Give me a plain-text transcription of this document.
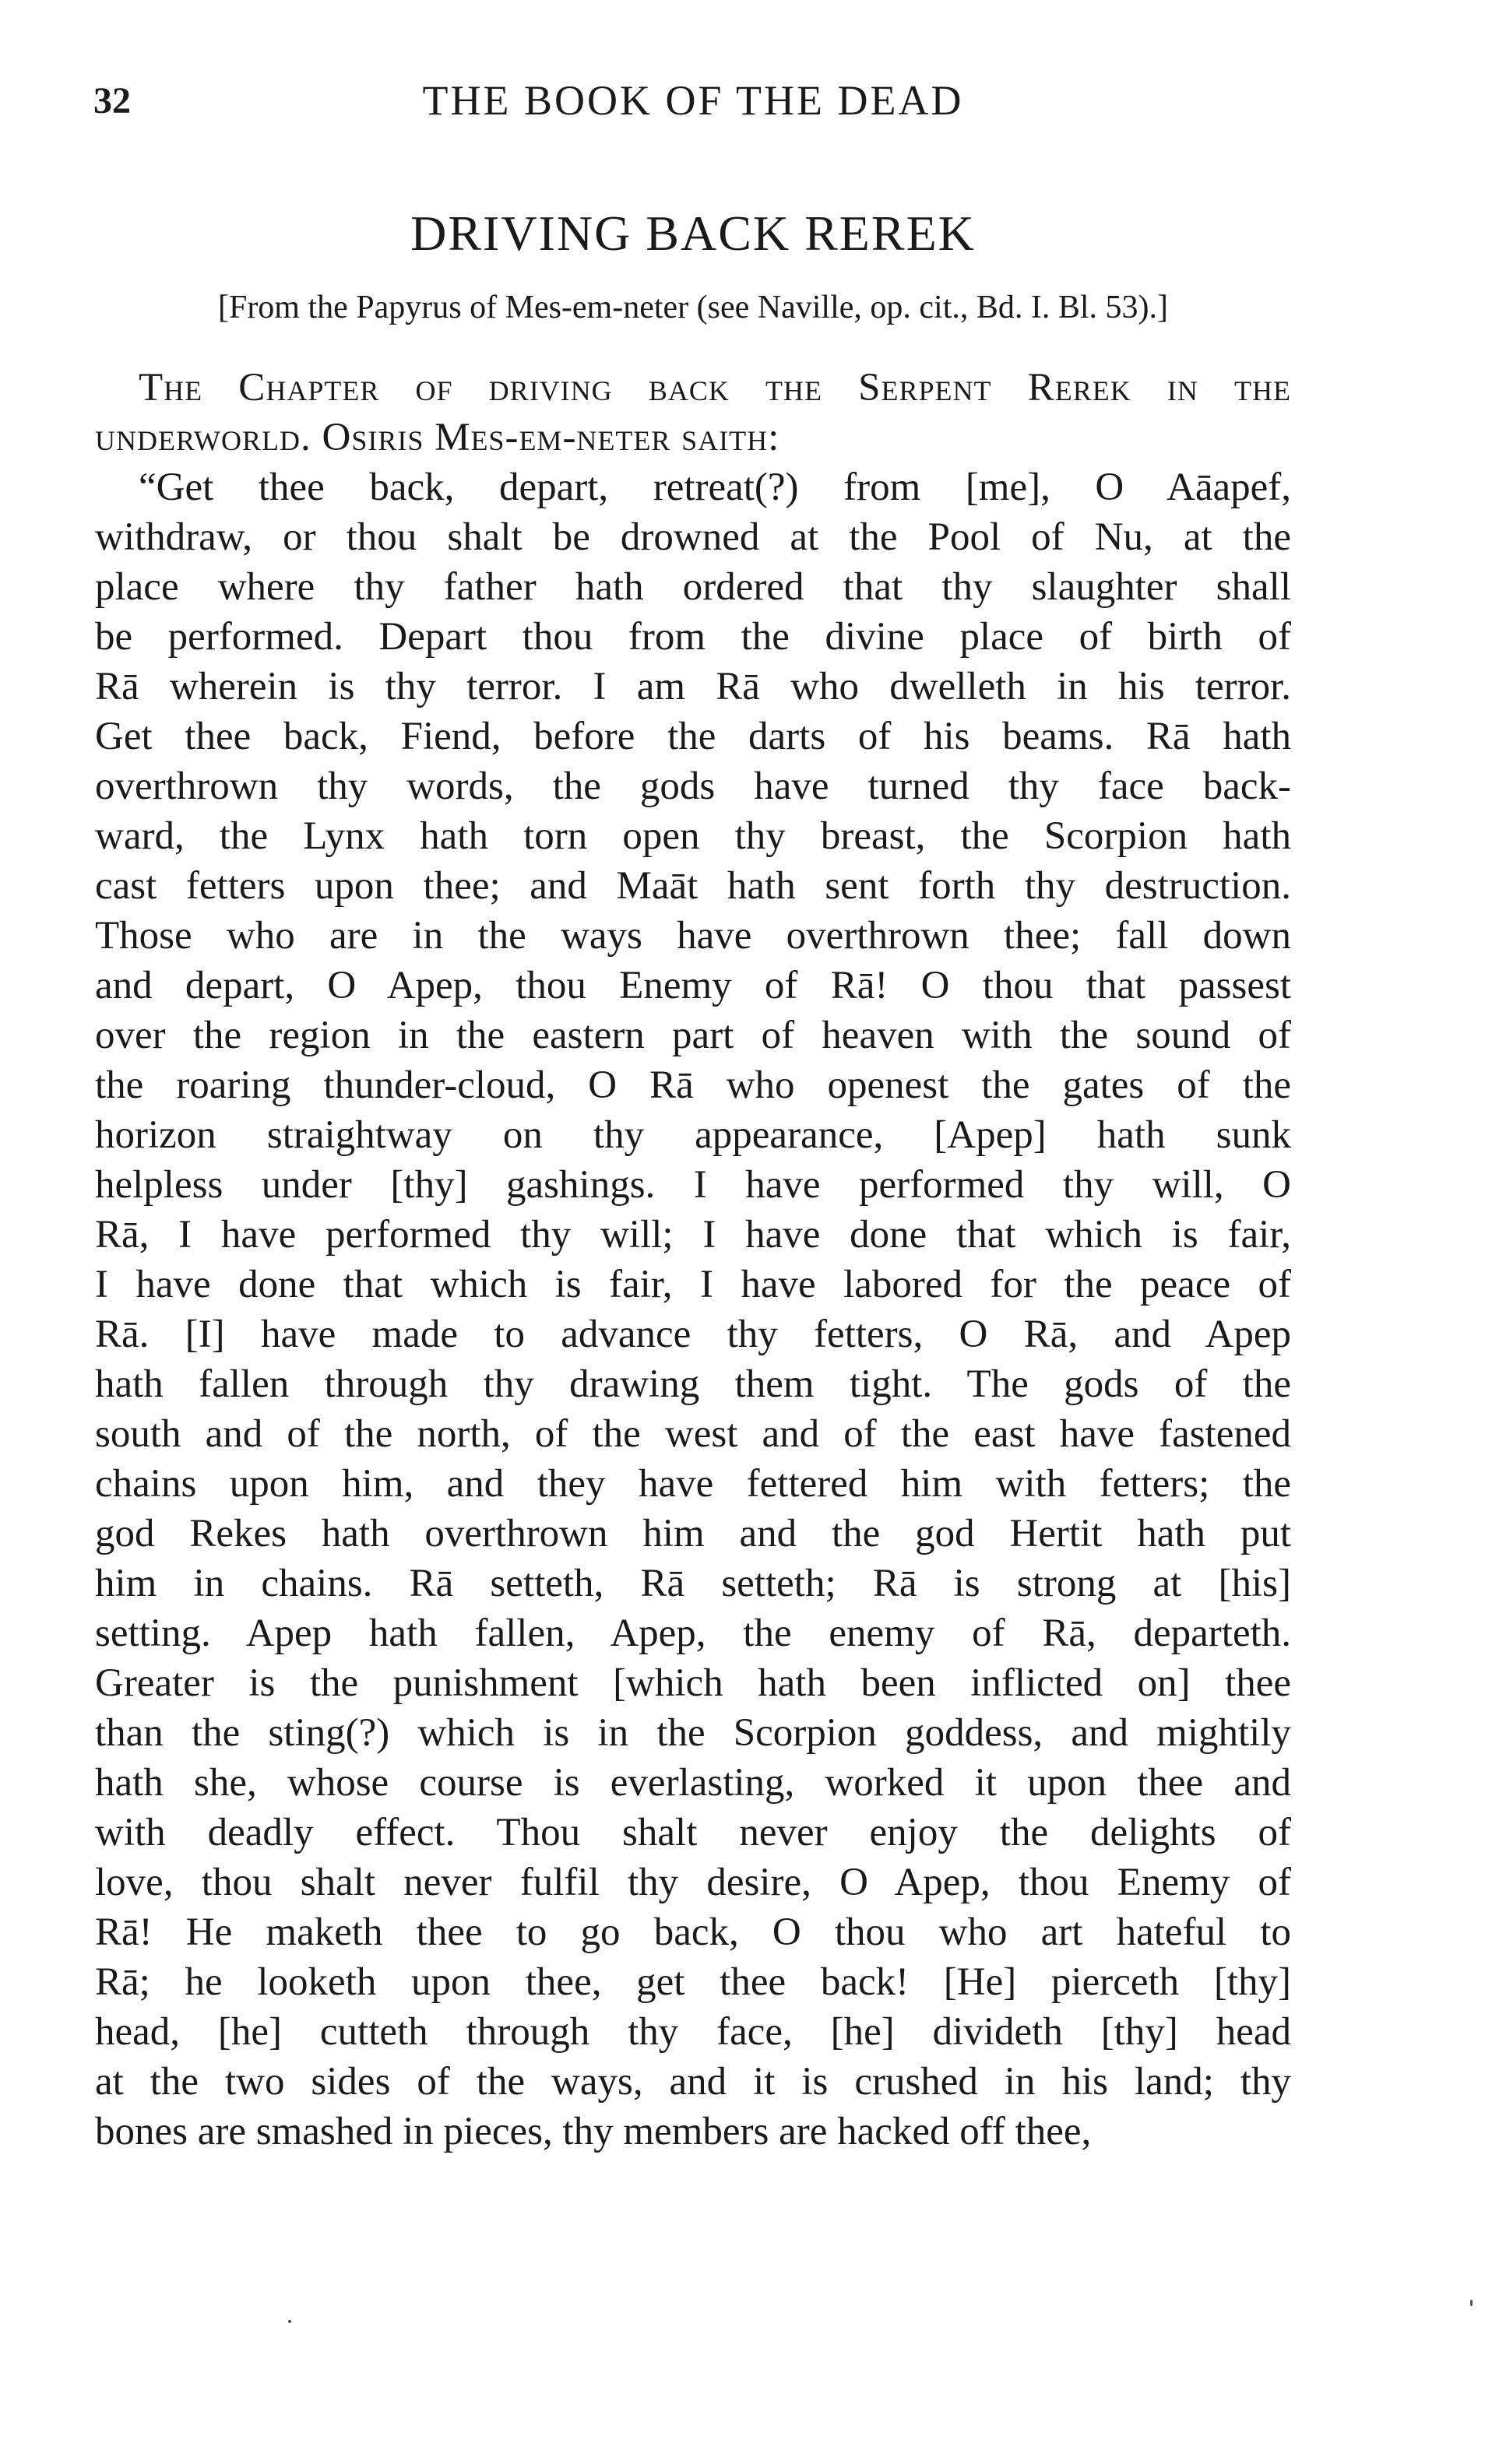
32	THE BOOK OF THE DEAD
DRIVING BACK REREK
[From the Papyrus of Mes-em-neter (see Naville, op. cit., Bd. I. Bl. 53).]
The Chapter of driving back the Serpent Rerek in the
underworld. Osiris Mes-em-neter saith:
“Get thee back, depart, retreat(?) from [me], O Aāapef,
withdraw, or thou shalt be drowned at the Pool of Nu, at the
place where thy father hath ordered that thy slaughter shall
be performed. Depart thou from the divine place of birth of
Rā wherein is thy terror. I am Rā who dwelleth in his terror.
Get thee back, Fiend, before the darts of his beams. Rā hath
overthrown thy words, the gods have turned thy face back-
ward, the Lynx hath torn open thy breast, the Scorpion hath
cast fetters upon thee; and Maāt hath sent forth thy destruction.
Those who are in the ways have overthrown thee; fall down
and depart, O Apep, thou Enemy of Rā! O thou that passest
over the region in the eastern part of heaven with the sound of
the roaring thunder-cloud, O Rā who openest the gates of the
horizon straightway on thy appearance, [Apep] hath sunk
helpless under [thy] gashings. I have performed thy will, O
Rā, I have performed thy will; I have done that which is fair,
I have done that which is fair, I have labored for the peace of
Rā. [I] have made to advance thy fetters, O Rā, and Apep
hath fallen through thy drawing them tight. The gods of the
south and of the north, of the west and of the east have fastened
chains upon him, and they have fettered him with fetters; the
god Rekes hath overthrown him and the god Hertit hath put
him in chains. Rā setteth, Rā setteth; Rā is strong at [his]
setting. Apep hath fallen, Apep, the enemy of Rā, departeth.
Greater is the punishment [which hath been inflicted on] thee
than the sting(?) which is in the Scorpion goddess, and mightily
hath she, whose course is everlasting, worked it upon thee and
with deadly effect. Thou shalt never enjoy the delights of
love, thou shalt never fulfil thy desire, O Apep, thou Enemy of
Rā! He maketh thee to go back, O thou who art hateful to
Rā; he looketh upon thee, get thee back! [He] pierceth [thy]
head, [he] cutteth through thy face, [he] divideth [thy] head
at the two sides of the ways, and it is crushed in his land; thy
bones are smashed in pieces, thy members are hacked off thee,
